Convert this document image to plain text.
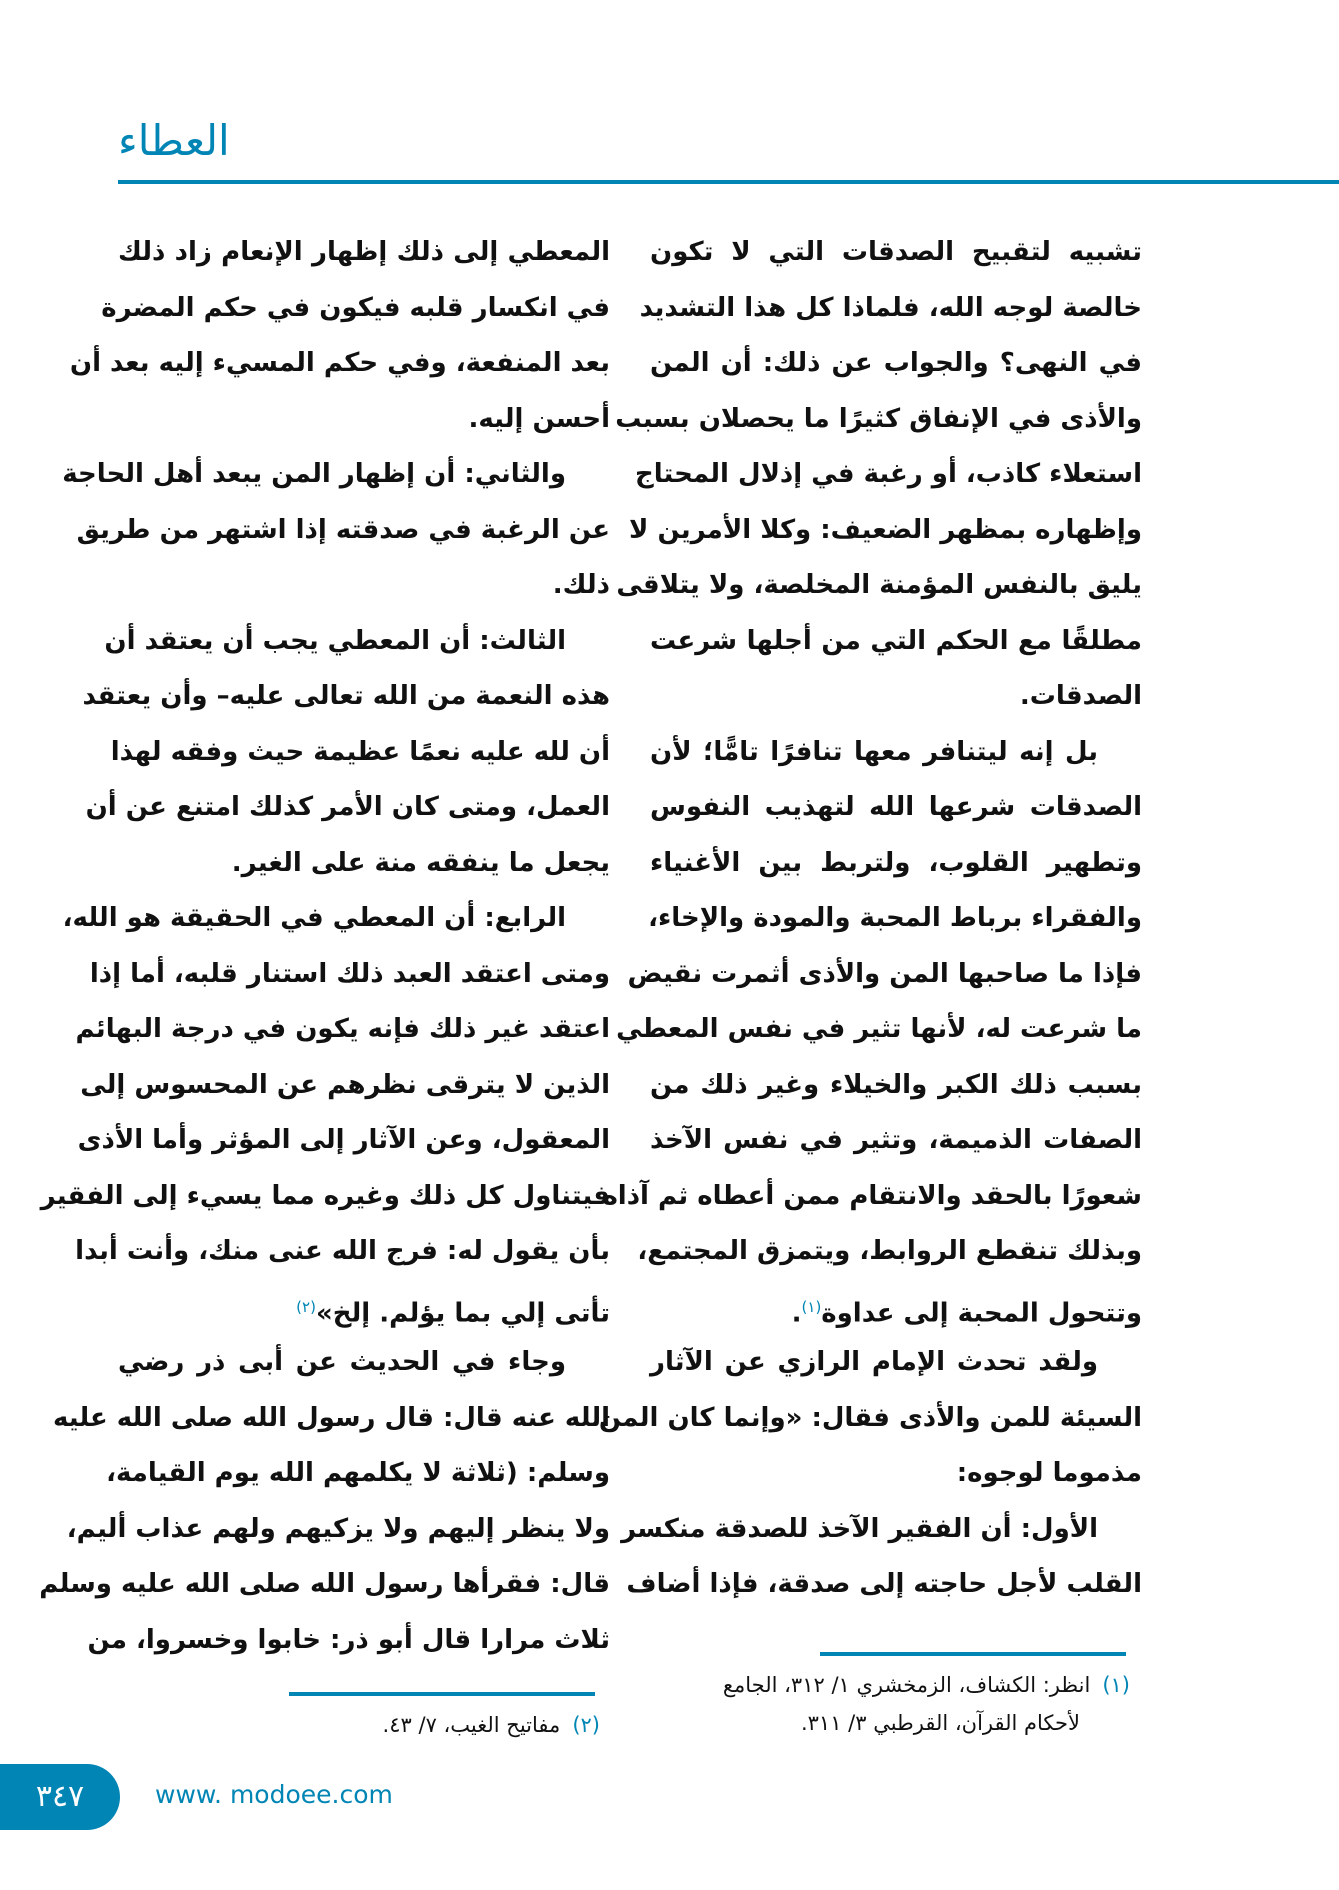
العطاء
تشبيه لتقبيح الصدقات التي لا تكون
خالصة لوجه الله، فلماذا كل هذا التشديد
في النهى؟ والجواب عن ذلك: أن المن
والأذى في الإنفاق كثيرًا ما يحصلان بسبب
استعلاء كاذب، أو رغبة في إذلال المحتاج
وإظهاره بمظهر الضعيف: وكلا الأمرين لا
يليق بالنفس المؤمنة المخلصة، ولا يتلاقى
مطلقًا مع الحكم التي من أجلها شرعت
الصدقات.
بل إنه ليتنافر معها تنافرًا تامًّا؛ لأن
الصدقات شرعها الله لتهذيب النفوس
وتطهير القلوب، ولتربط بين الأغنياء
والفقراء برباط المحبة والمودة والإخاء،
فإذا ما صاحبها المن والأذى أثمرت نقيض
ما شرعت له، لأنها تثير في نفس المعطي
بسبب ذلك الكبر والخيلاء وغير ذلك من
الصفات الذميمة، وتثير في نفس الآخذ
شعورًا بالحقد والانتقام ممن أعطاه ثم آذاه
وبذلك تنقطع الروابط، ويتمزق المجتمع،
وتتحول المحبة إلى عداوة$^{(١)}$.
ولقد تحدث الإمام الرازي عن الآثار
السيئة للمن والأذى فقال: «وإنما كان المن
مذموما لوجوه:
الأول: أن الفقير الآخذ للصدقة منكسر
القلب لأجل حاجته إلى صدقة، فإذا أضاف
المعطي إلى ذلك إظهار الإنعام زاد ذلك
في انكسار قلبه فيكون في حكم المضرة
بعد المنفعة، وفي حكم المسيء إليه بعد أن
أحسن إليه.
والثاني: أن إظهار المن يبعد أهل الحاجة
عن الرغبة في صدقته إذا اشتهر من طريق
ذلك.
الثالث: أن المعطي يجب أن يعتقد أن
هذه النعمة من الله تعالى عليه– وأن يعتقد
أن لله عليه نعمًا عظيمة حيث وفقه لهذا
العمل، ومتى كان الأمر كذلك امتنع عن أن
يجعل ما ينفقه منة على الغير.
الرابع: أن المعطي في الحقيقة هو الله،
ومتى اعتقد العبد ذلك استنار قلبه، أما إذا
اعتقد غير ذلك فإنه يكون في درجة البهائم
الذين لا يترقى نظرهم عن المحسوس إلى
المعقول، وعن الآثار إلى المؤثر وأما الأذى
فيتناول كل ذلك وغيره مما يسيء إلى الفقير
بأن يقول له: فرج الله عنى منك، وأنت أبدا
تأتى إلي بما يؤلم. إلخ»$^{(٢)}$
وجاء في الحديث عن أبى ذر رضي
الله عنه قال: قال رسول الله صلى الله عليه
وسلم: (ثلاثة لا يكلمهم الله يوم القيامة،
ولا ينظر إليهم ولا يزكيهم ولهم عذاب أليم،
قال: فقرأها رسول الله صلى الله عليه وسلم
ثلاث مرارا قال أبو ذر: خابوا وخسروا، من
(١)انظر: الكشاف، الزمخشري ١/ ٣١٢، الجامع
لأحكام القرآن، القرطبي ٣/ ٣١١.
(٢)مفاتيح الغيب، ٧/ ٤٣.
٣٤٧	www. modoee.com
